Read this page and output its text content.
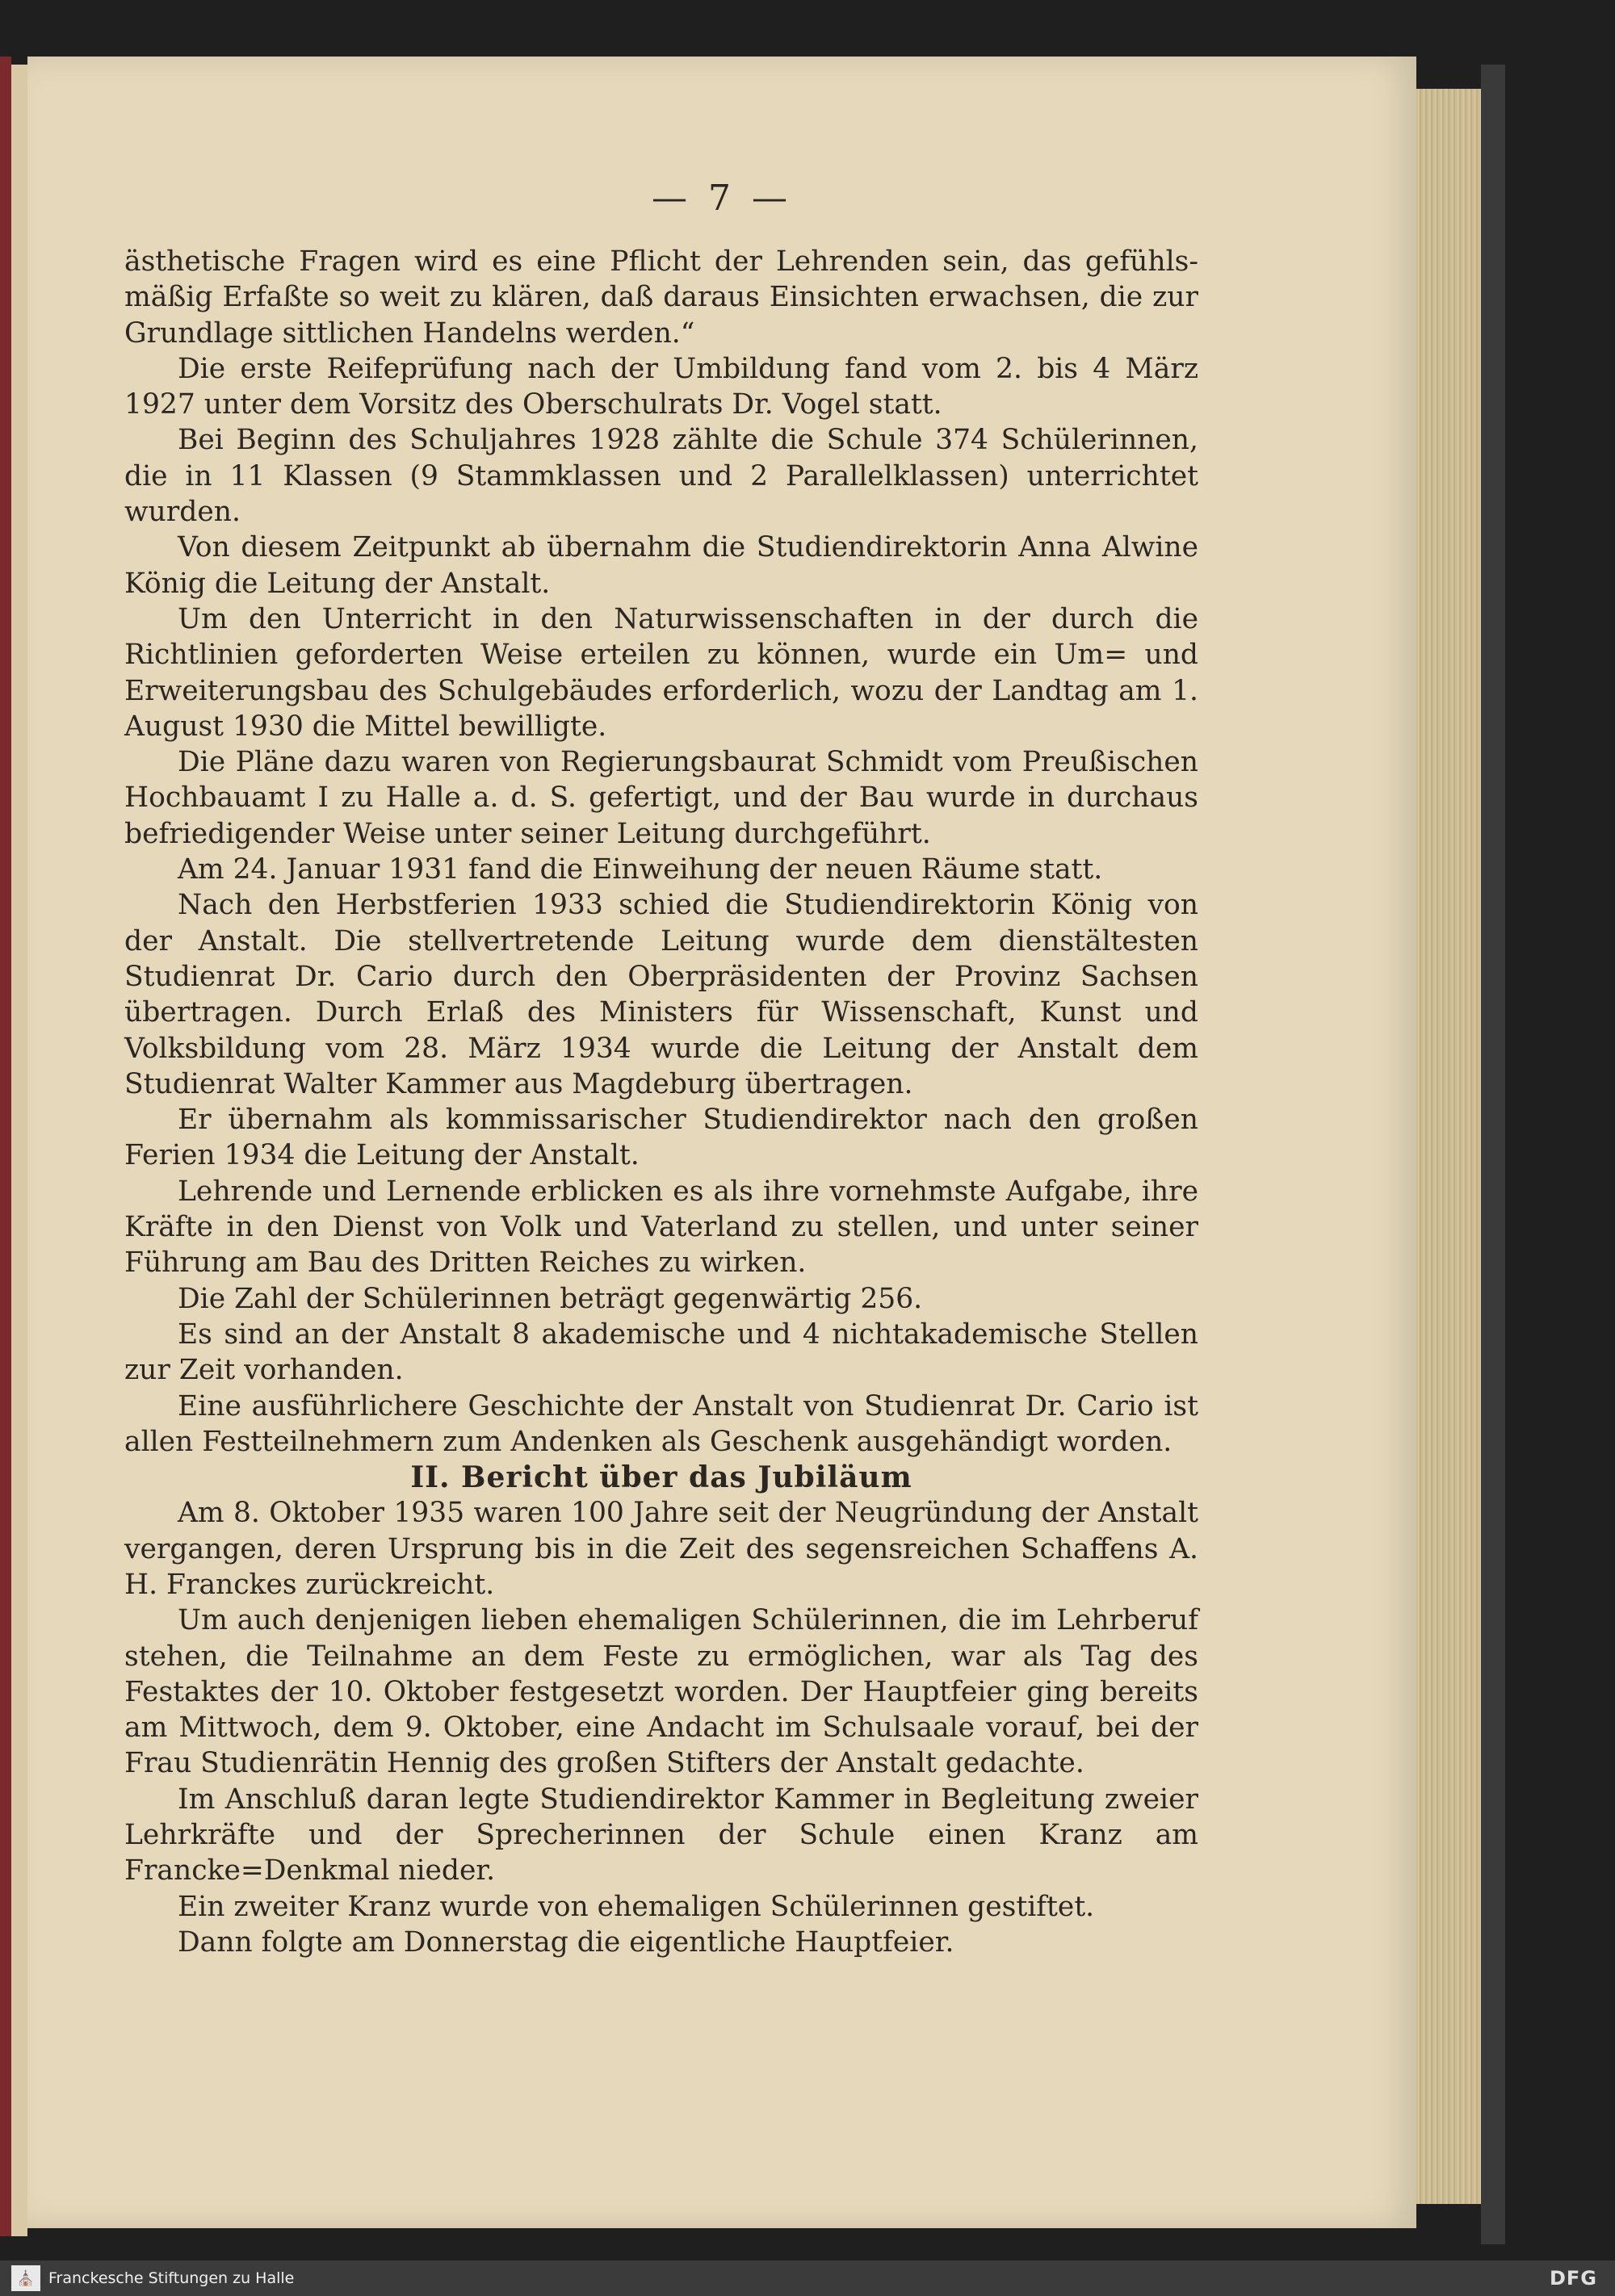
— 7 —

ästhetische Fragen wird es eine Pflicht der Lehrenden sein, das gefühlsmäßig Erfaßte so weit zu klären, daß daraus Einsichten erwachsen, die zur Grundlage sittlichen Handelns werden.“

Die erste Reifeprüfung nach der Umbildung fand vom 2. bis 4 März 1927 unter dem Vorsitz des Oberschulrats Dr. Vogel statt.

Bei Beginn des Schuljahres 1928 zählte die Schule 374 Schülerinnen, die in 11 Klassen (9 Stammklassen und 2 Parallelklassen) unterrichtet wurden.

Von diesem Zeitpunkt ab übernahm die Studiendirektorin Anna Alwine König die Leitung der Anstalt.

Um den Unterricht in den Naturwissenschaften in der durch die Richtlinien geforderten Weise erteilen zu können, wurde ein Um= und Erweiterungsbau des Schulgebäudes erforderlich, wozu der Landtag am 1. August 1930 die Mittel bewilligte.

Die Pläne dazu waren von Regierungsbaurat Schmidt vom Preußischen Hochbauamt I zu Halle a. d. S. gefertigt, und der Bau wurde in durchaus befriedigender Weise unter seiner Leitung durchgeführt.

Am 24. Januar 1931 fand die Einweihung der neuen Räume statt.

Nach den Herbstferien 1933 schied die Studiendirektorin König von der Anstalt. Die stellvertretende Leitung wurde dem dienstältesten Studienrat Dr. Cario durch den Oberpräsidenten der Provinz Sachsen übertragen. Durch Erlaß des Ministers für Wissenschaft, Kunst und Volksbildung vom 28. März 1934 wurde die Leitung der Anstalt dem Studienrat Walter Kammer aus Magdeburg übertragen.

Er übernahm als kommissarischer Studiendirektor nach den großen Ferien 1934 die Leitung der Anstalt.

Lehrende und Lernende erblicken es als ihre vornehmste Aufgabe, ihre Kräfte in den Dienst von Volk und Vaterland zu stellen, und unter seiner Führung am Bau des Dritten Reiches zu wirken.

Die Zahl der Schülerinnen beträgt gegenwärtig 256.

Es sind an der Anstalt 8 akademische und 4 nichtakademische Stellen zur Zeit vorhanden.

Eine ausführlichere Geschichte der Anstalt von Studienrat Dr. Cario ist allen Festteilnehmern zum Andenken als Geschenk ausgehändigt worden.

II. Bericht über das Jubiläum

Am 8. Oktober 1935 waren 100 Jahre seit der Neugründung der Anstalt vergangen, deren Ursprung bis in die Zeit des segensreichen Schaffens A. H. Franckes zurückreicht.

Um auch denjenigen lieben ehemaligen Schülerinnen, die im Lehrberuf stehen, die Teilnahme an dem Feste zu ermöglichen, war als Tag des Festaktes der 10. Oktober festgesetzt worden. Der Hauptfeier ging bereits am Mittwoch, dem 9. Oktober, eine Andacht im Schulsaale vorauf, bei der Frau Studienrätin Hennig des großen Stifters der Anstalt gedachte.

Im Anschluß daran legte Studiendirektor Kammer in Begleitung zweier Lehrkräfte und der Sprecherinnen der Schule einen Kranz am Francke=Denkmal nieder.

Ein zweiter Kranz wurde von ehemaligen Schülerinnen gestiftet.

Dann folgte am Donnerstag die eigentliche Hauptfeier.

⛪ Franckesche Stiftungen zu Halle	DFG
